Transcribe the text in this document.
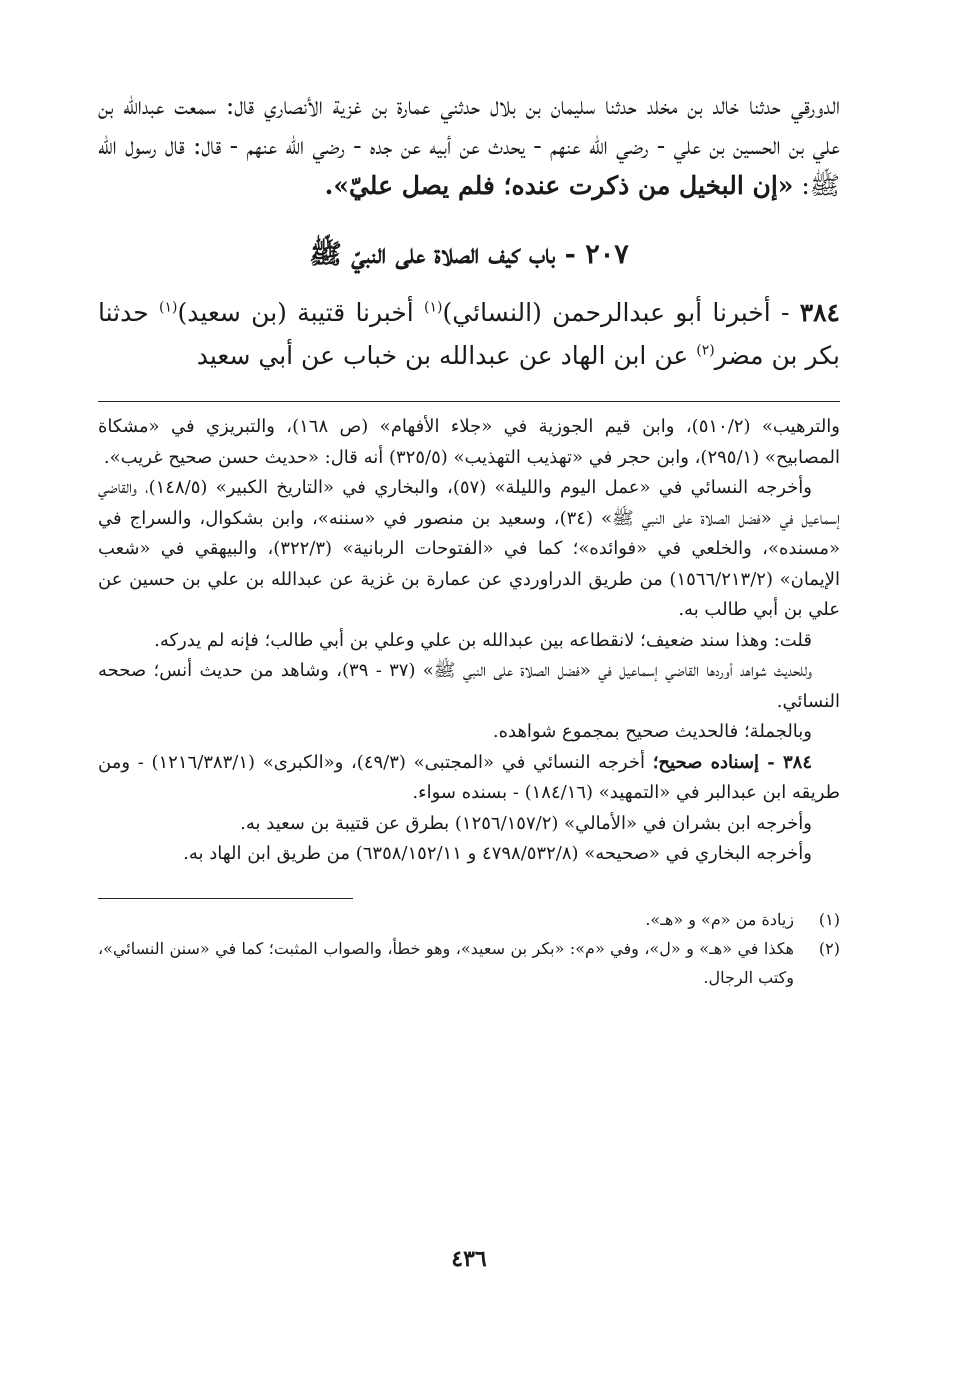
الدورقي حدثنا خالد بن مخلد حدثنا سليمان بن بلال حدثني عمارة بن غزية الأنصاري قال: سمعت عبدالله بن علي بن الحسين بن علي - رضي الله عنهم - يحدث عن أبيه عن جده - رضي الله عنهم - قال: قال رسول الله ﷺ: «إن البخيل من ذكرت عنده؛ فلم يصل عليّ».

٢٠٧ - باب كيف الصلاة على النبيّ ﷺ

٣٨٤ - أخبرنا أبو عبدالرحمن (النسائي)$^{(١)}$ أخبرنا قتيبة (بن سعيد)$^{(١)}$ حدثنا بكر بن مضر$^{(٢)}$ عن ابن الهاد عن عبدالله بن خباب عن أبي سعيد

والترهيب» (٥١٠/٢)، وابن قيم الجوزية في «جلاء الأفهام» (ص ١٦٨)، والتبريزي في «مشكاة المصابيح» (٢٩٥/١)، وابن حجر في «تهذيب التهذيب» (٣٢٥/٥) أنه قال: «حديث حسن صحيح غريب».

وأخرجه النسائي في «عمل اليوم والليلة» (٥٧)، والبخاري في «التاريخ الكبير» (١٤٨/٥)، والقاضي إسماعيل في «فضل الصلاة على النبي ﷺ» (٣٤)، وسعيد بن منصور في «سننه»، وابن بشكوال، والسراج في «مسنده»، والخلعي في «فوائده»؛ كما في «الفتوحات الربانية» (٣٢٢/٣)، والبيهقي في «شعب الإيمان» (١٥٦٦/٢١٣/٢) من طريق الدراوردي عن عمارة بن غزية عن عبدالله بن علي بن حسين عن علي بن أبي طالب به.

قلت: وهذا سند ضعيف؛ لانقطاعه بين عبدالله بن علي وعلي بن أبي طالب؛ فإنه لم يدركه.

وللحديث شواهد أوردها القاضي إسماعيل في «فضل الصلاة على النبي ﷺ» (٣٧ - ٣٩)، وشاهد من حديث أنس؛ صححه النسائي.

وبالجملة؛ فالحديث صحيح بمجموع شواهده.

٣٨٤ - إسناده صحيح؛ أخرجه النسائي في «المجتبى» (٤٩/٣)، و«الكبرى» (١٢١٦/٣٨٣/١) - ومن طريقه ابن عبدالبر في «التمهيد» (١٨٤/١٦) - بسنده سواء.

وأخرجه ابن بشران في «الأمالي» (١٢٥٦/١٥٧/٢) بطرق عن قتيبة بن سعيد به.

وأخرجه البخاري في «صحيحه» (٤٧٩٨/٥٣٢/٨ و ٦٣٥٨/١٥٢/١١) من طريق ابن الهاد به.

(١)
زيادة من «م» و «هـ».

(٢)
هكذا في «هـ» و «ل»، وفي «م»: «بكر بن سعيد»، وهو خطأ، والصواب المثبت؛ كما في «سنن النسائي»، وكتب الرجال.

٤٣٦
